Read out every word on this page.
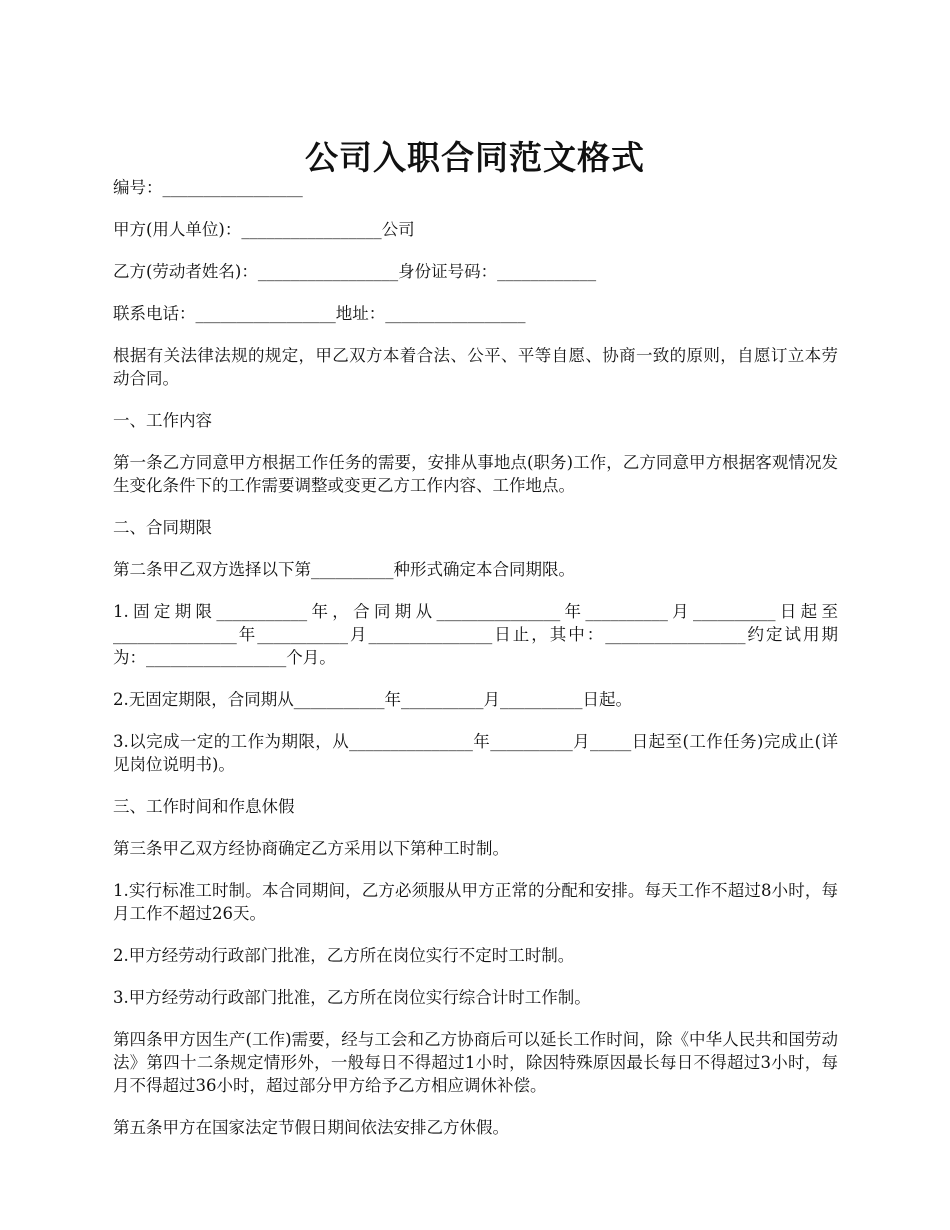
公司入职合同范文格式

编号：_________________

甲方(用人单位)：_________________公司

乙方(劳动者姓名)：_________________身份证号码：____________

联系电话：_________________地址：_________________

根据有关法律法规的规定，甲乙双方本着合法、公平、平等自愿、协商一致的原则，自愿订立本劳动合同。

一、工作内容

第一条乙方同意甲方根据工作任务的需要，安排从事地点(职务)工作，乙方同意甲方根据客观情况发生变化条件下的工作需要调整或变更乙方工作内容、工作地点。

二、合同期限

第二条甲乙双方选择以下第__________种形式确定本合同期限。

1.固定期限___________年，合同期从_______________年__________月__________日起至_______________年___________月_______________日止，其中：_________________约定试用期为：_________________个月。

2.无固定期限，合同期从___________年__________月__________日起。

3.以完成一定的工作为期限，从_______________年__________月_____日起至(工作任务)完成止(详见岗位说明书)。

三、工作时间和作息休假

第三条甲乙双方经协商确定乙方采用以下第种工时制。

1.实行标准工时制。本合同期间，乙方必须服从甲方正常的分配和安排。每天工作不超过8小时，每月工作不超过26天。

2.甲方经劳动行政部门批准，乙方所在岗位实行不定时工时制。

3.甲方经劳动行政部门批准，乙方所在岗位实行综合计时工作制。

第四条甲方因生产(工作)需要，经与工会和乙方协商后可以延长工作时间，除《中华人民共和国劳动法》第四十二条规定情形外，一般每日不得超过1小时，除因特殊原因最长每日不得超过3小时，每月不得超过36小时，超过部分甲方给予乙方相应调休补偿。

第五条甲方在国家法定节假日期间依法安排乙方休假。
